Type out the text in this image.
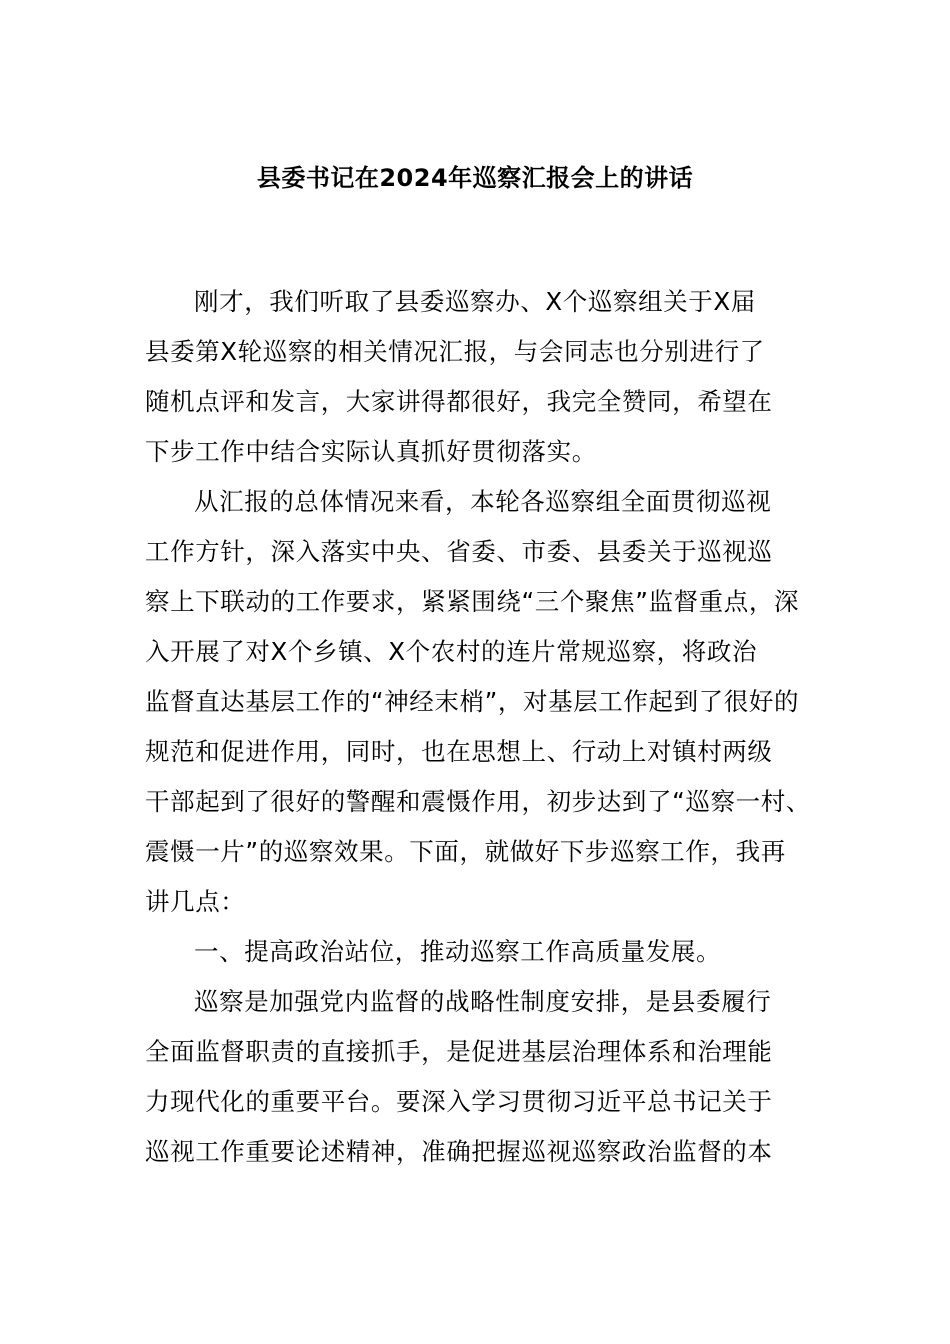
县委书记在2024年巡察汇报会上的讲话
刚才，我们听取了县委巡察办、X个巡察组关于X届
县委第X轮巡察的相关情况汇报，与会同志也分别进行了
随机点评和发言，大家讲得都很好，我完全赞同，希望在
下步工作中结合实际认真抓好贯彻落实。
从汇报的总体情况来看，本轮各巡察组全面贯彻巡视
工作方针，深入落实中央、省委、市委、县委关于巡视巡
察上下联动的工作要求，紧紧围绕“三个聚焦”监督重点，深
入开展了对X个乡镇、X个农村的连片常规巡察，将政治
监督直达基层工作的“神经末梢”，对基层工作起到了很好的
规范和促进作用，同时，也在思想上、行动上对镇村两级
干部起到了很好的警醒和震慑作用，初步达到了“巡察一村、
震慑一片”的巡察效果。下面，就做好下步巡察工作，我再
讲几点：
一、提高政治站位，推动巡察工作高质量发展。
巡察是加强党内监督的战略性制度安排，是县委履行
全面监督职责的直接抓手，是促进基层治理体系和治理能
力现代化的重要平台。要深入学习贯彻习近平总书记关于
巡视工作重要论述精神，准确把握巡视巡察政治监督的本
